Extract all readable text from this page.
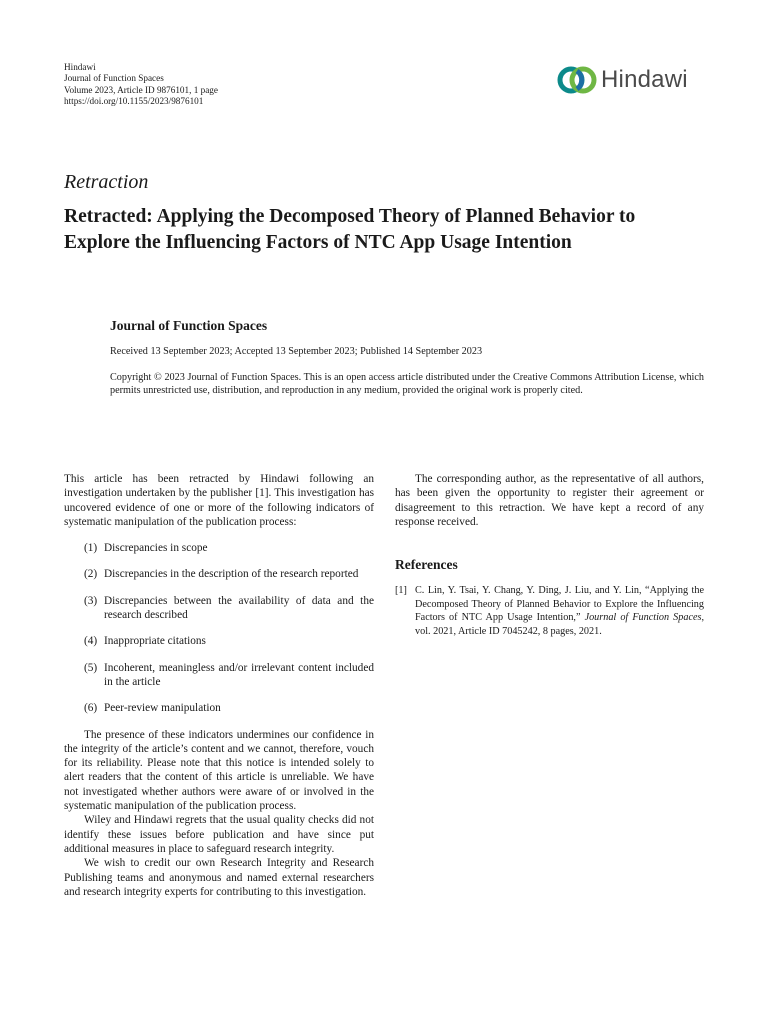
Hindawi
Journal of Function Spaces
Volume 2023, Article ID 9876101, 1 page
https://doi.org/10.1155/2023/9876101
Hindawi
Retraction
Retracted: Applying the Decomposed Theory of Planned Behavior to Explore the Influencing Factors of NTC App Usage Intention
Journal of Function Spaces
Received 13 September 2023; Accepted 13 September 2023; Published 14 September 2023

Copyright © 2023 Journal of Function Spaces. This is an open access article distributed under the Creative Commons Attribution License, which permits unrestricted use, distribution, and reproduction in any medium, provided the original work is properly cited.

This article has been retracted by Hindawi following an investigation undertaken by the publisher [1]. This investigation has uncovered evidence of one or more of the following indicators of systematic manipulation of the publication process:

(1) Discrepancies in scope
(2) Discrepancies in the description of the research reported
(3) Discrepancies between the availability of data and the research described
(4) Inappropriate citations
(5) Incoherent, meaningless and/or irrelevant content included in the article
(6) Peer-review manipulation

The presence of these indicators undermines our confidence in the integrity of the article’s content and we cannot, therefore, vouch for its reliability. Please note that this notice is intended solely to alert readers that the content of this article is unreliable. We have not investigated whether authors were aware of or involved in the systematic manipulation of the publication process.

Wiley and Hindawi regrets that the usual quality checks did not identify these issues before publication and have since put additional measures in place to safeguard research integrity.

We wish to credit our own Research Integrity and Research Publishing teams and anonymous and named external researchers and research integrity experts for contributing to this investigation.

The corresponding author, as the representative of all authors, has been given the opportunity to register their agreement or disagreement to this retraction. We have kept a record of any response received.

References
[1] C. Lin, Y. Tsai, Y. Chang, Y. Ding, J. Liu, and Y. Lin, “Applying the Decomposed Theory of Planned Behavior to Explore the Influencing Factors of NTC App Usage Intention,” Journal of Function Spaces, vol. 2021, Article ID 7045242, 8 pages, 2021.
